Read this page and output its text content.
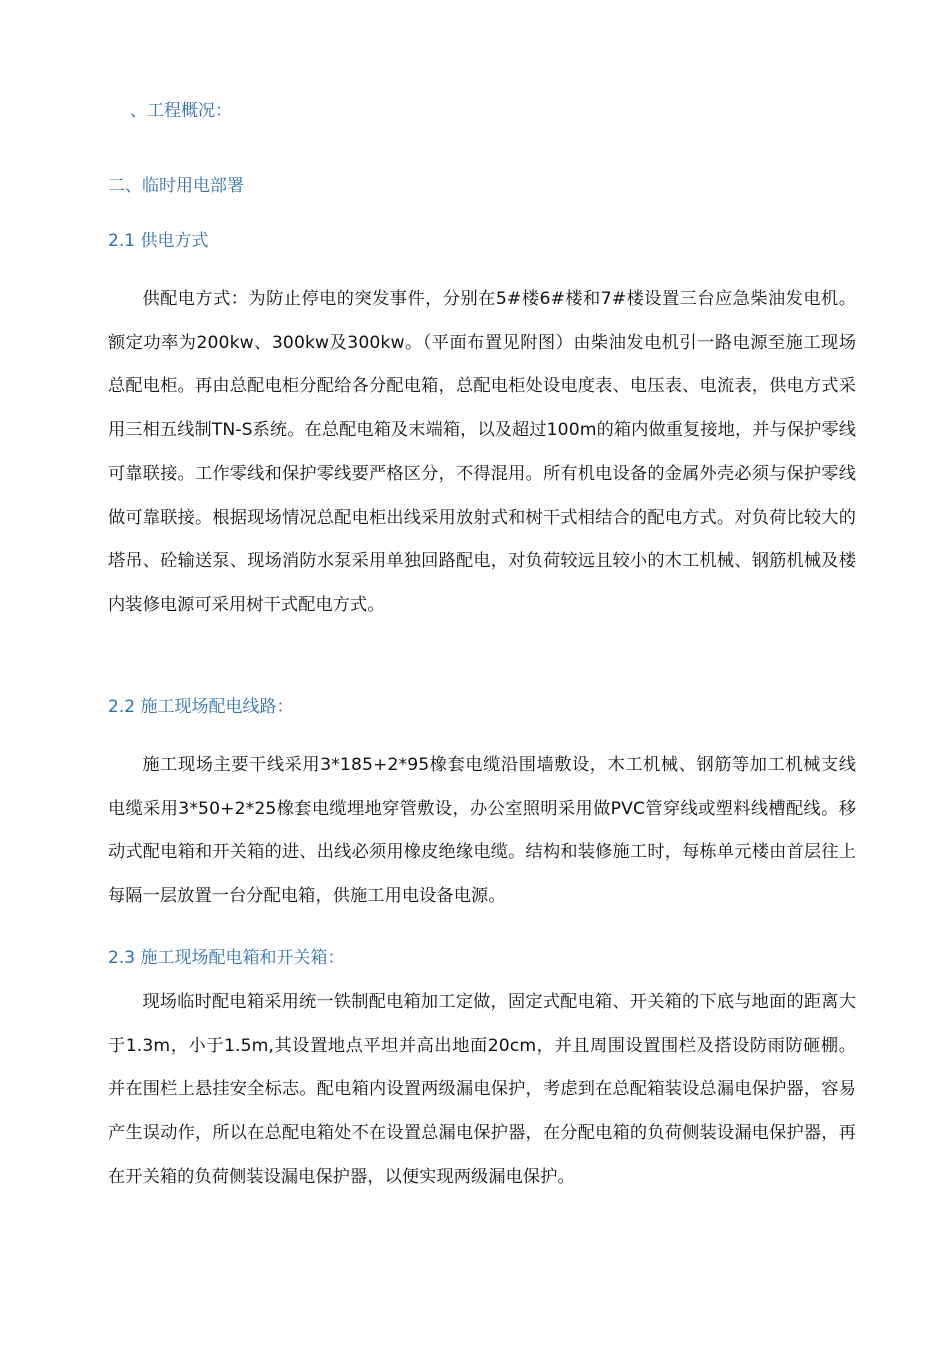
、工程概况：
二、临时用电部署
2.1 供电方式

供配电方式：为防止停电的突发事件，分别在5#楼6#楼和7#楼设置三台应急柴油发电机。额定功率为200kw、300kw及300kw。（平面布置见附图）由柴油发电机引一路电源至施工现场总配电柜。再由总配电柜分配给各分配电箱，总配电柜处设电度表、电压表、电流表，供电方式采用三相五线制TN-S系统。在总配电箱及末端箱，以及超过100m的箱内做重复接地，并与保护零线可靠联接。工作零线和保护零线要严格区分，不得混用。所有机电设备的金属外壳必须与保护零线做可靠联接。根据现场情况总配电柜出线采用放射式和树干式相结合的配电方式。对负荷比较大的塔吊、砼输送泵、现场消防水泵采用单独回路配电，对负荷较远且较小的木工机械、钢筋机械及楼内装修电源可采用树干式配电方式。

2.2 施工现场配电线路：

施工现场主要干线采用3*185+2*95橡套电缆沿围墙敷设，木工机械、钢筋等加工机械支线电缆采用3*50+2*25橡套电缆埋地穿管敷设，办公室照明采用做PVC管穿线或塑料线槽配线。移动式配电箱和开关箱的进、出线必须用橡皮绝缘电缆。结构和装修施工时，每栋单元楼由首层往上每隔一层放置一台分配电箱，供施工用电设备电源。

2.3 施工现场配电箱和开关箱：

现场临时配电箱采用统一铁制配电箱加工定做，固定式配电箱、开关箱的下底与地面的距离大于1.3m，小于1.5m,其设置地点平坦并高出地面20cm，并且周围设置围栏及搭设防雨防砸棚。并在围栏上悬挂安全标志。配电箱内设置两级漏电保护，考虑到在总配箱装设总漏电保护器，容易产生误动作，所以在总配电箱处不在设置总漏电保护器，在分配电箱的负荷侧装设漏电保护器，再在开关箱的负荷侧装设漏电保护器，以便实现两级漏电保护。
